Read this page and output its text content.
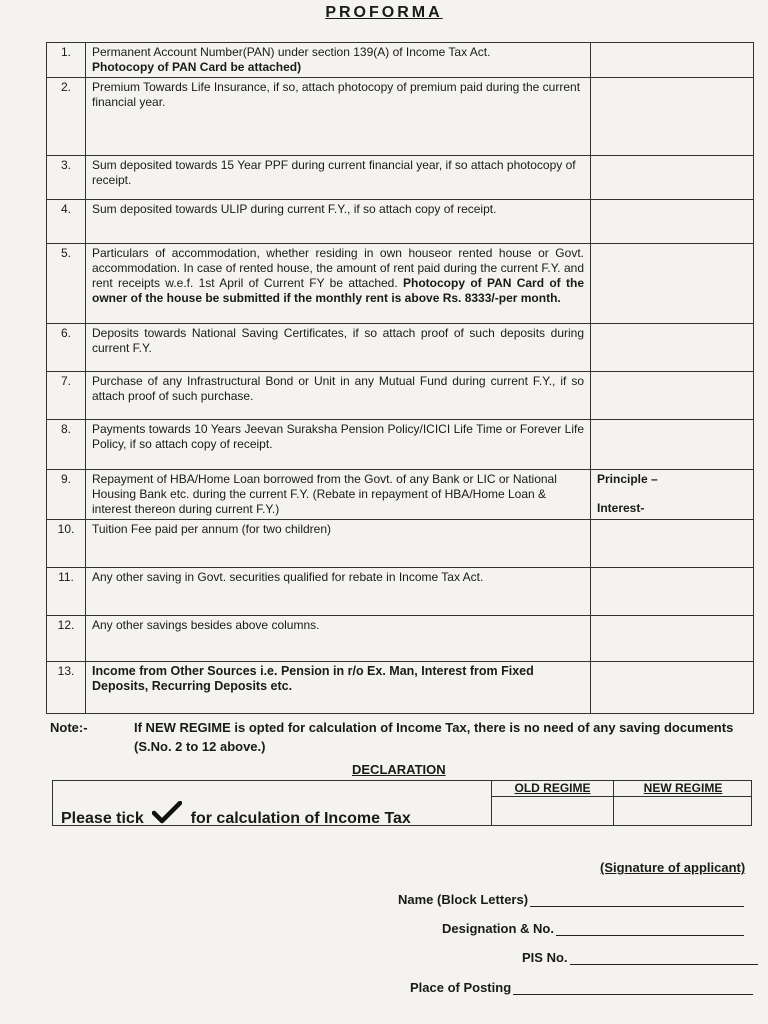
PROFORMA
1.	Permanent Account Number(PAN) under section 139(A) of Income Tax Act.
Photocopy of PAN Card be attached)	
2.	Premium Towards Life Insurance, if so, attach photocopy of premium paid during the current financial year.	
3.	Sum deposited towards 15 Year PPF during current financial year, if so attach photocopy of receipt.	
4.	Sum deposited towards ULIP during current F.Y., if so attach copy of receipt.	
5.	Particulars of accommodation, whether residing in own houseor rented house or Govt. accommodation. In case of rented house, the amount of rent paid during the current F.Y. and rent receipts w.e.f. 1st April of Current FY be attached. Photocopy of PAN Card of the owner of the house be submitted if the monthly rent is above Rs. 8333/-per month.	
6.	Deposits towards National Saving Certificates, if so attach proof of such deposits during current F.Y.	
7.	Purchase of any Infrastructural Bond or Unit in any Mutual Fund during current F.Y., if so attach proof of such purchase.	
8.	Payments towards 10 Years Jeevan Suraksha Pension Policy/ICICI Life Time or Forever Life Policy, if so attach copy of receipt.	
9.	Repayment of HBA/Home Loan borrowed from the Govt. of any Bank or LIC or National Housing Bank etc. during the current F.Y. (Rebate in repayment of HBA/Home Loan & interest thereon during current F.Y.)	Principle –
Interest-

10.	Tuition Fee paid per annum (for two children)	
11.	Any other saving in Govt. securities qualified for rebate in Income Tax Act.	
12.	Any other savings besides above columns.	
13.	Income from Other Sources i.e. Pension in r/o Ex. Man, Interest from Fixed Deposits, Recurring Deposits etc.	
Note:-	If NEW REGIME is opted for calculation of Income Tax, there is no need of any saving documents (S.No. 2 to 12 above.)
DECLARATION
Please tick	for calculation of Income Tax
OLD REGIME	NEW REGIME
(Signature of applicant)
Name (Block Letters)
Designation & No.
PIS No.
Place of Posting
